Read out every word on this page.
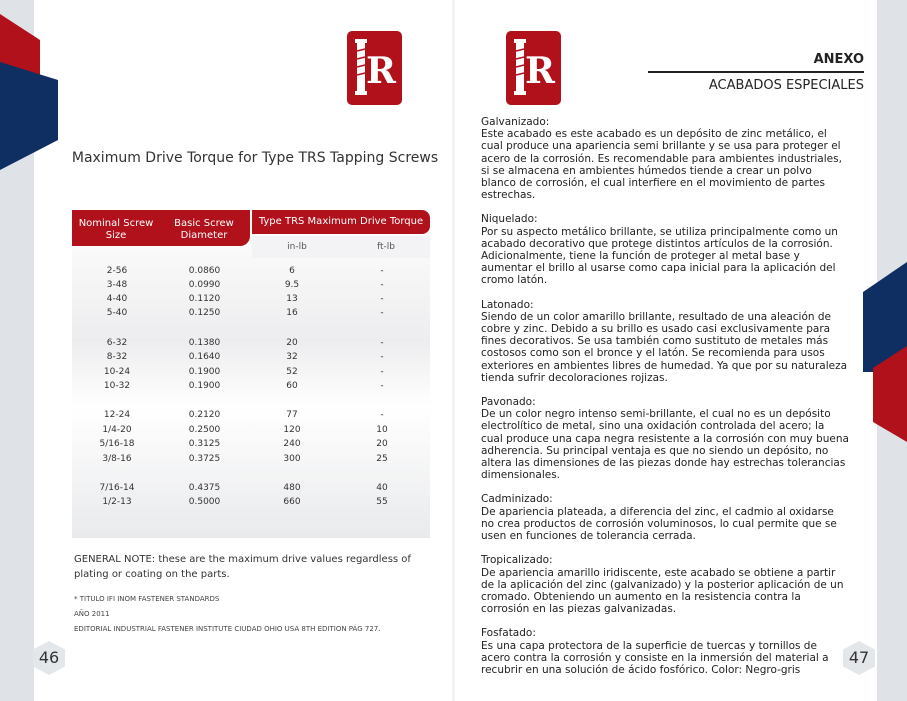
R	R
Maximum Drive Torque for Type TRS Tapping Screws
Nominal Screw Size
Basic Screw Diameter
Type TRS Maximum Drive Torque
in-lb	ft-lb
2-56	0.0860	6	-
3-48	0.0990	9.5	-
4-40	0.1120	13	-
5-40	0.1250	16	-
6-32	0.1380	20	-
8-32	0.1640	32	-
10-24	0.1900	52	-
10-32	0.1900	60	-
12-24	0.2120	77	-
1/4-20	0.2500	120	10
5/16-18	0.3125	240	20
3/8-16	0.3725	300	25
7/16-14	0.4375	480	40
1/2-13	0.5000	660	55
GENERAL NOTE: these are the maximum drive values regardless of plating or coating on the parts.
* TITULO IFI INOM FASTENER STANDARDS
AÑO 2011
EDITORIAL INDUSTRIAL FASTENER INSTITUTE CIUDAD OHIO USA 8TH EDITION PÁG 727.
46
ANEXO
ACABADOS ESPECIALES
Galvanizado:
Este acabado es este acabado es un depósito de zinc metálico, el cual produce una apariencia semi brillante y se usa para proteger el acero de la corrosión. Es recomendable para ambientes industriales, si se almacena en ambientes húmedos tiende a crear un polvo blanco de corrosión, el cual interfiere en el movimiento de partes estrechas.
Niquelado:
Por su aspecto metálico brillante, se utiliza principalmente como un acabado decorativo que protege distintos artículos de la corrosión. Adicionalmente, tiene la función de proteger al metal base y aumentar el brillo al usarse como capa inicial para la aplicación del cromo latón.
Latonado:
Siendo de un color amarillo brillante, resultado de una aleación de cobre y zinc. Debido a su brillo es usado casi exclusivamente para fines decorativos. Se usa también como sustituto de metales más costosos como son el bronce y el latón. Se recomienda para usos exteriores en ambientes libres de humedad. Ya que por su naturaleza tienda sufrir decoloraciones rojizas.
Pavonado:
De un color negro intenso semi-brillante, el cual no es un depósito electrolítico de metal, sino una oxidación controlada del acero; la cual produce una capa negra resistente a la corrosión con muy buena adherencia. Su principal ventaja es que no siendo un depósito, no altera las dimensiones de las piezas donde hay estrechas tolerancias dimensionales.
Cadminizado:
De apariencia plateada, a diferencia del zinc, el cadmio al oxidarse no crea productos de corrosión voluminosos, lo cual permite que se usen en funciones de tolerancia cerrada.
Tropicalizado:
De apariencia amarillo iridiscente, este acabado se obtiene a partir de la aplicación del zinc (galvanizado) y la posterior aplicación de un cromado. Obteniendo un aumento en la resistencia contra la corrosión en las piezas galvanizadas.
Fosfatado:
Es una capa protectora de la superficie de tuercas y tornillos de acero contra la corrosión y consiste en la inmersión del material a recubrir en una solución de ácido fosfórico. Color: Negro-gris
47
